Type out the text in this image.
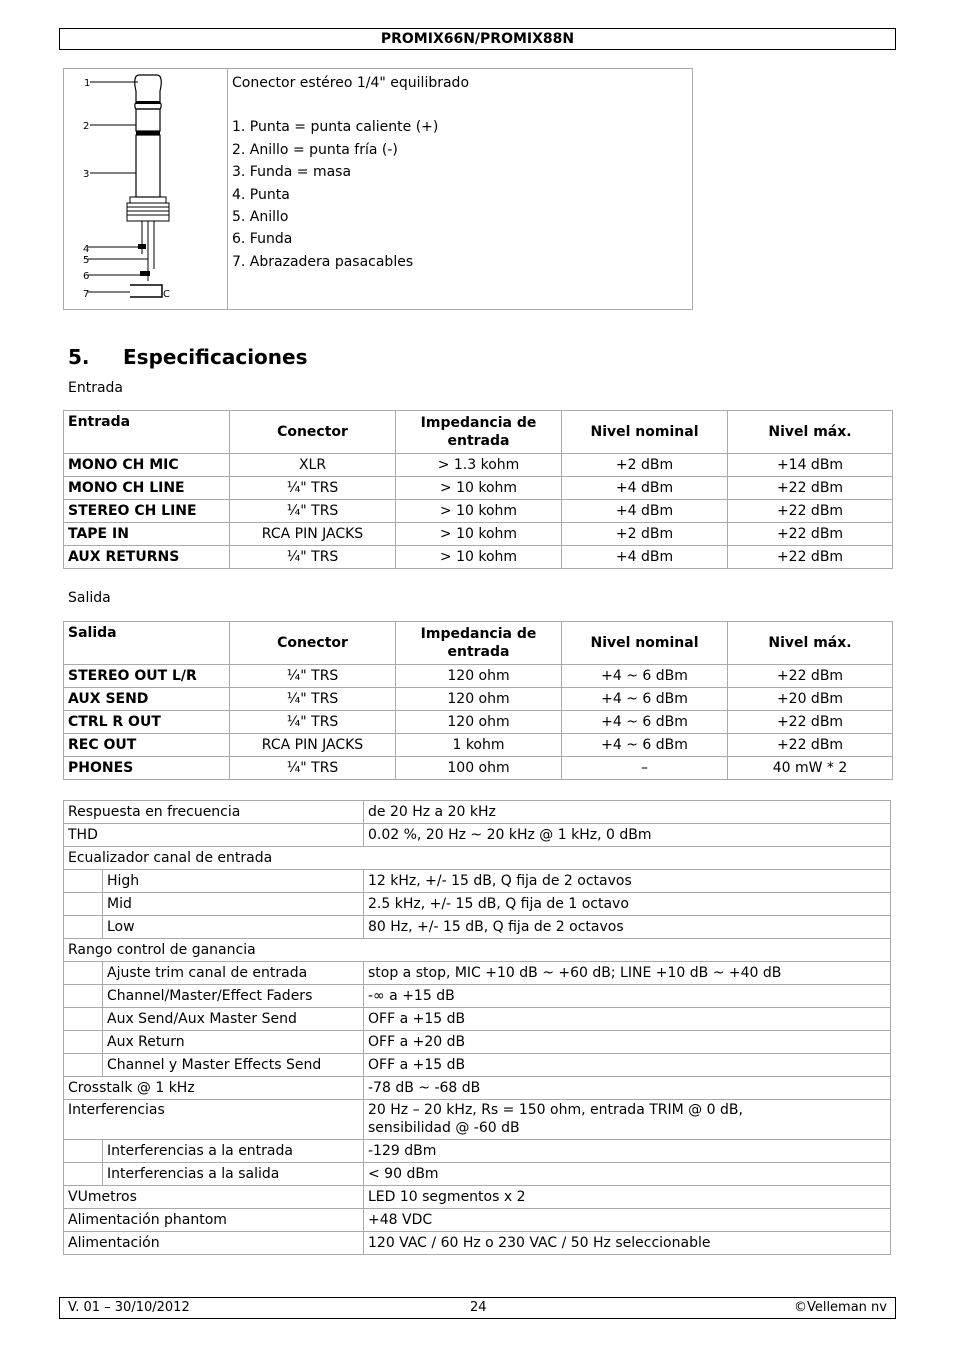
PROMIX66N/PROMIX88N
1
2
3
4
5
6
7	C

Conector estéreo 1/4" equilibrado
1. Punta = punta caliente (+)
2. Anillo = punta fría (-)
3. Funda = masa
4. Punta
5. Anillo
6. Funda
7. Abrazadera pasacables
5. Especificaciones
Entrada
Entrada	Conector	Impedancia de entrada	Nivel nominal	Nivel máx.
MONO CH MIC	XLR	> 1.3 kohm	+2 dBm	+14 dBm
MONO CH LINE	¼" TRS	> 10 kohm	+4 dBm	+22 dBm
STEREO CH LINE	¼" TRS	> 10 kohm	+4 dBm	+22 dBm
TAPE IN	RCA PIN JACKS	> 10 kohm	+2 dBm	+22 dBm
AUX RETURNS	¼" TRS	> 10 kohm	+4 dBm	+22 dBm
Salida
Salida	Conector	Impedancia de entrada	Nivel nominal	Nivel máx.
STEREO OUT L/R	¼" TRS	120 ohm	+4 ~ 6 dBm	+22 dBm
AUX SEND	¼" TRS	120 ohm	+4 ~ 6 dBm	+20 dBm
CTRL R OUT	¼" TRS	120 ohm	+4 ~ 6 dBm	+22 dBm
REC OUT	RCA PIN JACKS	1 kohm	+4 ~ 6 dBm	+22 dBm
PHONES	¼" TRS	100 ohm	–	40 mW * 2
Respuesta en frecuencia		de 20 Hz a 20 kHz
THD		0.02 %, 20 Hz ~ 20 kHz @ 1 kHz, 0 dBm
Ecualizador canal de entrada		
	High	12 kHz, +/- 15 dB, Q fija de 2 octavos
	Mid	2.5 kHz, +/- 15 dB, Q fija de 1 octavo
	Low	80 Hz, +/- 15 dB, Q fija de 2 octavos
Rango control de ganancia		
	Ajuste trim canal de entrada	stop a stop, MIC +10 dB ~ +60 dB; LINE +10 dB ~ +40 dB
	Channel/Master/Effect Faders	-∞ a +15 dB
	Aux Send/Aux Master Send	OFF a +15 dB
	Aux Return	OFF a +20 dB
	Channel y Master Effects Send	OFF a +15 dB
Crosstalk @ 1 kHz		-78 dB ~ -68 dB
Interferencias		20 Hz – 20 kHz, Rs = 150 ohm, entrada TRIM @ 0 dB,
sensibilidad @ -60 dB

	Interferencias a la entrada	-129 dBm
	Interferencias a la salida	< 90 dBm
VUmetros		LED 10 segmentos x 2
Alimentación phantom		+48 VDC
Alimentación		120 VAC / 60 Hz o 230 VAC / 50 Hz seleccionable
V. 01 – 30/10/2012	24	©Velleman nv
